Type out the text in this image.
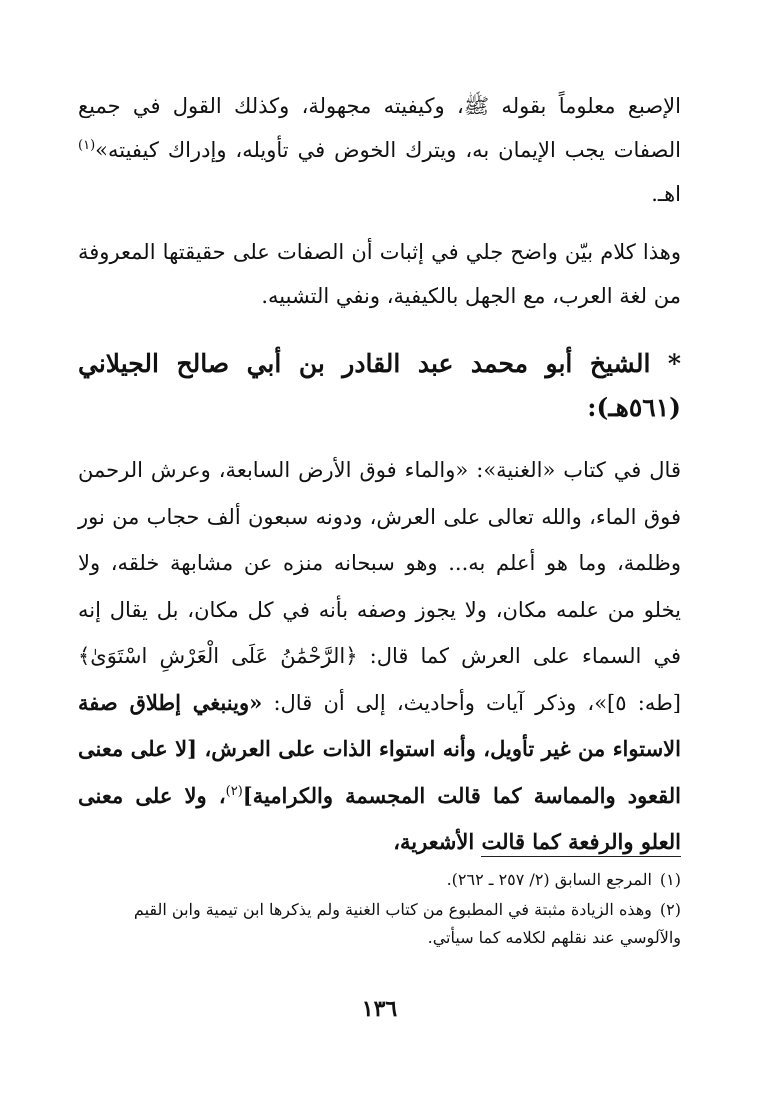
الإصبع معلوماً بقوله ﷺ، وكيفيته مجهولة، وكذلك القول في جميع الصفات يجب الإيمان به، ويترك الخوض في تأويله، وإدراك كيفيته»$^{(١)}$ اهـ.
وهذا كلام بيّن واضح جلي في إثبات أن الصفات على حقيقتها المعروفة من لغة العرب، مع الجهل بالكيفية، ونفي التشبيه.
* الشيخ أبو محمد عبد القادر بن أبي صالح الجيلاني (٥٦١هـ):
قال في كتاب «الغنية»: «والماء فوق الأرض السابعة، وعرش الرحمن فوق الماء، والله تعالى على العرش، ودونه سبعون ألف حجاب من نور وظلمة، وما هو أعلم به... وهو سبحانه منزه عن مشابهة خلقه، ولا يخلو من علمه مكان، ولا يجوز وصفه بأنه في كل مكان، بل يقال إنه في السماء على العرش كما قال: ﴿الرَّحْمَٰنُ عَلَى الْعَرْشِ اسْتَوَىٰ﴾ [طه: ٥]»، وذكر آيات وأحاديث، إلى أن قال: «وينبغي إطلاق صفة الاستواء من غير تأويل، وأنه استواء الذات على العرش، [لا على معنى القعود والمماسة كما قالت المجسمة والكرامية]$^{(٢)}$، ولا على معنى العلو والرفعة كما قالت الأشعرية،

(١)المرجع السابق (٢/ ٢٥٧ ـ ٢٦٢).

(٢)وهذه الزيادة مثبتة في المطبوع من كتاب الغنية ولم يذكرها ابن تيمية وابن القيم والآلوسي عند نقلهم لكلامه كما سيأتي.

١٣٦
